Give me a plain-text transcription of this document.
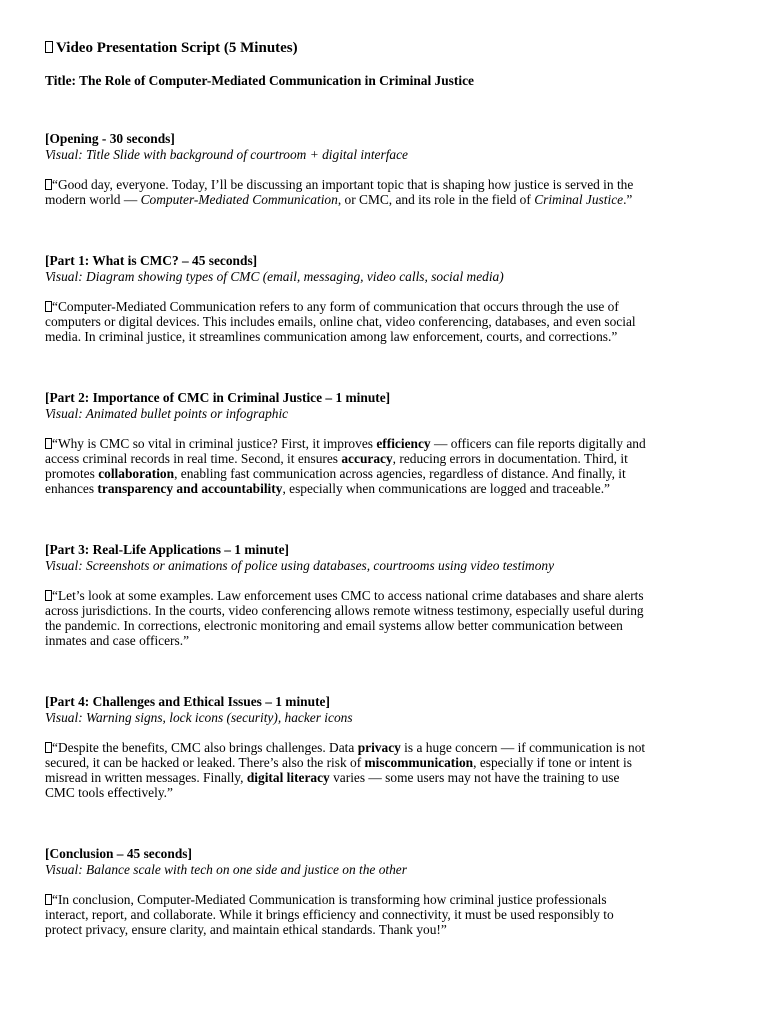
Video Presentation Script (5 Minutes)
Title: The Role of Computer-Mediated Communication in Criminal Justice
[Opening - 30 seconds]
Visual: Title Slide with background of courtroom + digital interface
“Good day, everyone. Today, I’ll be discussing an important topic that is shaping how justice is served in the
modern world — Computer-Mediated Communication, or CMC, and its role in the field of Criminal Justice.”
[Part 1: What is CMC? – 45 seconds]
Visual: Diagram showing types of CMC (email, messaging, video calls, social media)
“Computer-Mediated Communication refers to any form of communication that occurs through the use of
computers or digital devices. This includes emails, online chat, video conferencing, databases, and even social
media. In criminal justice, it streamlines communication among law enforcement, courts, and corrections.”
[Part 2: Importance of CMC in Criminal Justice – 1 minute]
Visual: Animated bullet points or infographic
“Why is CMC so vital in criminal justice? First, it improves efficiency — officers can file reports digitally and
access criminal records in real time. Second, it ensures accuracy, reducing errors in documentation. Third, it
promotes collaboration, enabling fast communication across agencies, regardless of distance. And finally, it
enhances transparency and accountability, especially when communications are logged and traceable.”
[Part 3: Real-Life Applications – 1 minute]
Visual: Screenshots or animations of police using databases, courtrooms using video testimony
“Let’s look at some examples. Law enforcement uses CMC to access national crime databases and share alerts
across jurisdictions. In the courts, video conferencing allows remote witness testimony, especially useful during
the pandemic. In corrections, electronic monitoring and email systems allow better communication between
inmates and case officers.”
[Part 4: Challenges and Ethical Issues – 1 minute]
Visual: Warning signs, lock icons (security), hacker icons
“Despite the benefits, CMC also brings challenges. Data privacy is a huge concern — if communication is not
secured, it can be hacked or leaked. There’s also the risk of miscommunication, especially if tone or intent is
misread in written messages. Finally, digital literacy varies — some users may not have the training to use
CMC tools effectively.”
[Conclusion – 45 seconds]
Visual: Balance scale with tech on one side and justice on the other
“In conclusion, Computer-Mediated Communication is transforming how criminal justice professionals
interact, report, and collaborate. While it brings efficiency and connectivity, it must be used responsibly to
protect privacy, ensure clarity, and maintain ethical standards. Thank you!”
